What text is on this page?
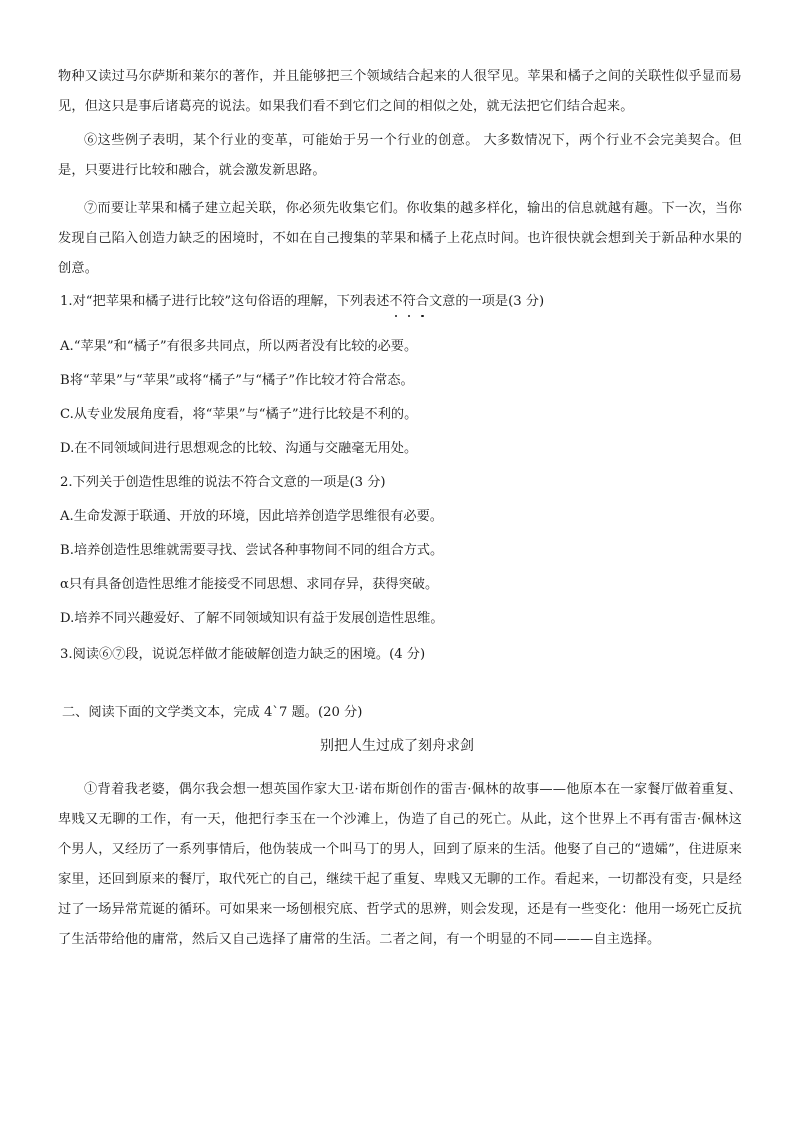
物种又读过马尔萨斯和莱尔的著作，并且能够把三个领域结合起来的人很罕见。苹果和橘子之间的关联性似乎显而易见，但这只是事后诸葛亮的说法。如果我们看不到它们之间的相似之处，就无法把它们结合起来。

⑥这些例子表明，某个行业的变革，可能始于另一个行业的创意。 大多数情况下，两个行业不会完美契合。但是，只要进行比较和融合，就会激发新思路。

⑦而要让苹果和橘子建立起关联，你必须先收集它们。你收集的越多样化，输出的信息就越有趣。下一次，当你发现自己陷入创造力缺乏的困境时，不如在自己搜集的苹果和橘子上花点时间。也许很快就会想到关于新品种水果的创意。

1.对“把苹果和橘子进行比较”这句俗语的理解，下列表述不符合文意的一项是(3 分)

A.“苹果”和“橘子”有很多共同点，所以两者没有比较的必要。

B将“苹果”与“苹果”或将“橘子”与“橘子”作比较才符合常态。

C.从专业发展角度看，将“苹果”与“橘子”进行比较是不利的。

D.在不同领域间进行思想观念的比较、沟通与交融毫无用处。

2.下列关于创造性思维的说法不符合文意的一项是(3 分)

A.生命发源于联通、开放的环境，因此培养创造学思维很有必要。

B.培养创造性思维就需要寻找、尝试各种事物间不同的组合方式。

α只有具备创造性思维才能接受不同思想、求同存异，获得突破。

D.培养不同兴趣爱好、了解不同领域知识有益于发展创造性思维。

3.阅读⑥⑦段，说说怎样做才能破解创造力缺乏的困境。(4 分)

二、阅读下面的文学类文本，完成 4`7 题。(20 分)

别把人生过成了刻舟求剑

①背着我老婆，偶尔我会想一想英国作家大卫·诺布斯创作的雷吉·佩林的故事——他原本在一家餐厅做着重复、卑贱又无聊的工作，有一天，他把行李玉在一个沙滩上，伪造了自己的死亡。从此，这个世界上不再有雷吉·佩林这个男人，又经历了一系列事情后，他伪装成一个叫马丁的男人，回到了原来的生活。他娶了自己的“遗孀”，住进原来家里，还回到原来的餐厅，取代死亡的自己，继续干起了重复、卑贱又无聊的工作。看起来，一切都没有变，只是经过了一场异常荒诞的循环。可如果来一场刨根究底、哲学式的思辨，则会发现，还是有一些变化：他用一场死亡反抗了生活带给他的庸常，然后又自己选择了庸常的生活。二者之间，有一个明显的不同———自主选择。
